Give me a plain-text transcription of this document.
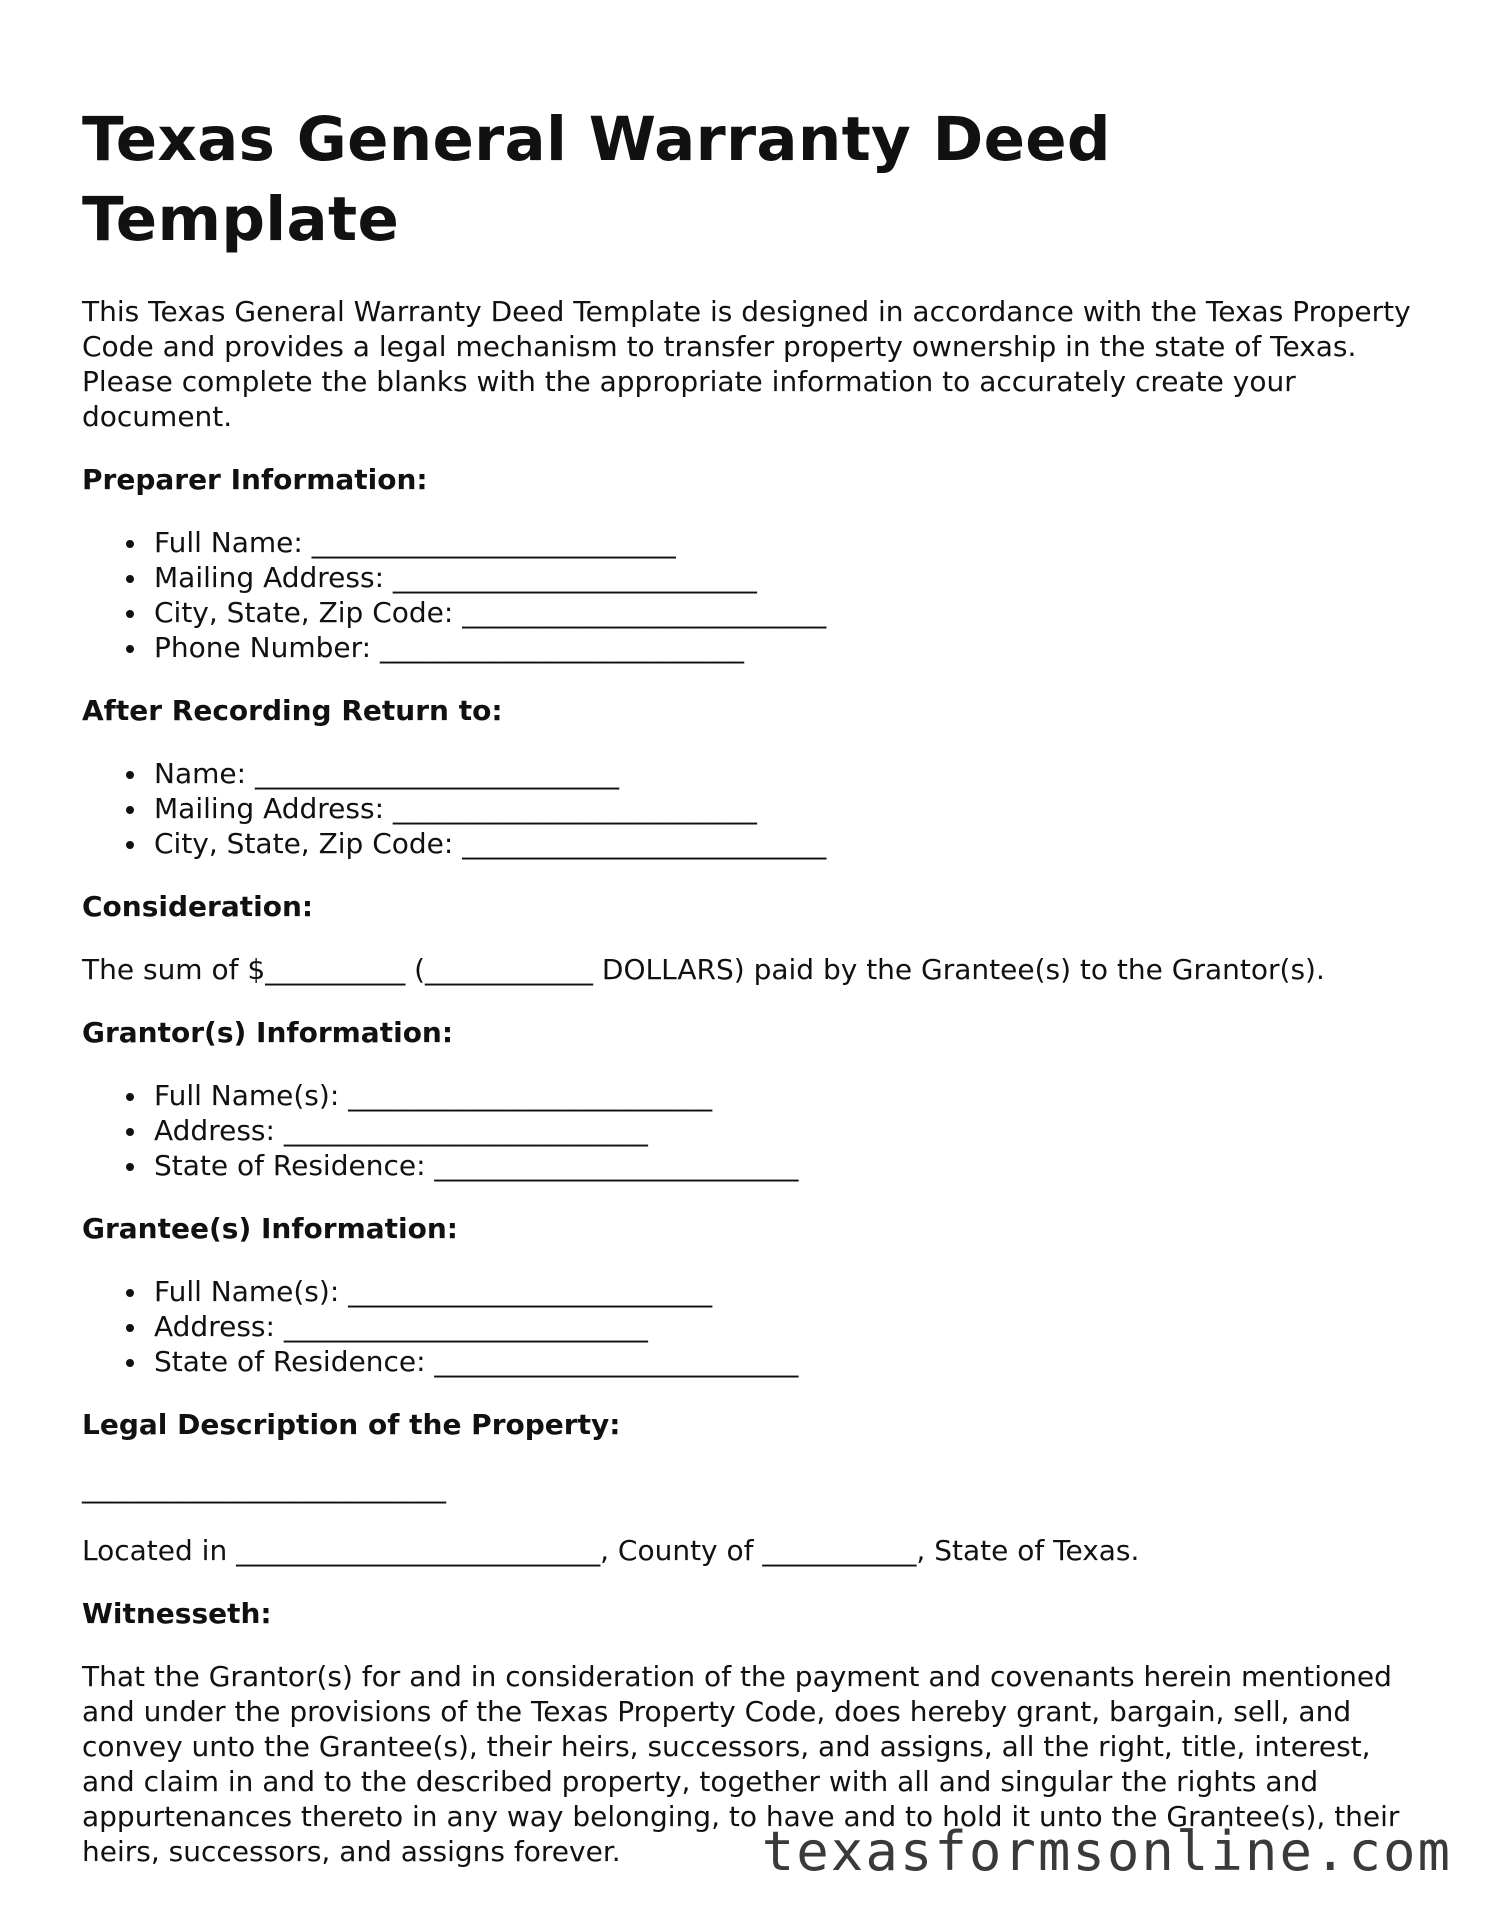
Texas General Warranty Deed Template

This Texas General Warranty Deed Template is designed in accordance with the Texas Property Code and provides a legal mechanism to transfer property ownership in the state of Texas. Please complete the blanks with the appropriate information to accurately create your document.

Preparer Information:
Full Name: __________________________
Mailing Address: __________________________
City, State, Zip Code: __________________________
Phone Number: __________________________
After Recording Return to:
Name: __________________________
Mailing Address: __________________________
City, State, Zip Code: __________________________
Consideration:

The sum of $__________ (____________ DOLLARS) paid by the Grantee(s) to the Grantor(s).

Grantor(s) Information:
Full Name(s): __________________________
Address: __________________________
State of Residence: __________________________
Grantee(s) Information:
Full Name(s): __________________________
Address: __________________________
State of Residence: __________________________
Legal Description of the Property:

__________________________

Located in __________________________, County of ___________, State of Texas.

Witnesseth:

That the Grantor(s) for and in consideration of the payment and covenants herein mentioned and under the provisions of the Texas Property Code, does hereby grant, bargain, sell, and convey unto the Grantee(s), their heirs, successors, and assigns, all the right, title, interest, and claim in and to the described property, together with all and singular the rights and appurtenances thereto in any way belonging, to have and to hold it unto the Grantee(s), their heirs, successors, and assigns forever.	texasformsonline.com
